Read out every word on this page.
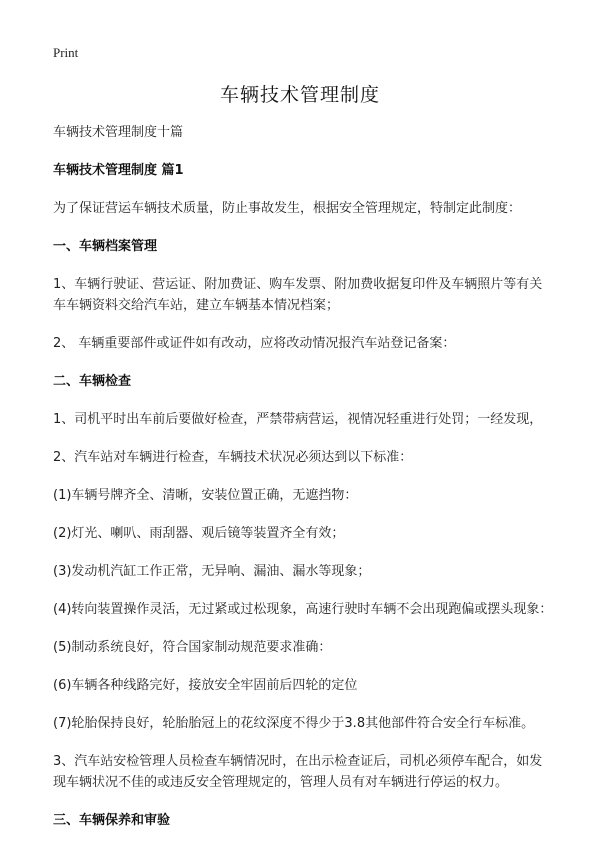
Print
车辆技术管理制度

车辆技术管理制度十篇

车辆技术管理制度 篇1

为了保证营运车辆技术质量，防止事故发生，根据安全管理规定，特制定此制度：

一、车辆档案管理

1、车辆行驶证、营运证、附加费证、购车发票、附加费收据复印件及车辆照片等有关车车辆资料交给汽车站，建立车辆基本情况档案；

2、 车辆重要部件或证件如有改动，应将改动情况报汽车站登记备案：

二、车辆检查

1、司机平时出车前后要做好检查，严禁带病营运，视情况轻重进行处罚；一经发现，

2、汽车站对车辆进行检查，车辆技术状况必须达到以下标准：

(1)车辆号牌齐全、清晰，安装位置正确，无遮挡物：

(2)灯光、喇叭、雨刮器、观后镜等装置齐全有效；

(3)发动机汽缸工作正常，无异响、漏油、漏水等现象；

(4)转向装置操作灵活，无过紧或过松现象，高速行驶时车辆不会出现跑偏或摆头现象：

(5)制动系统良好，符合国家制动规范要求准确：

(6)车辆各种线路完好，接放安全牢固前后四轮的定位

(7)轮胎保持良好，轮胎胎冠上的花纹深度不得少于3.8其他部件符合安全行车标准。

3、汽车站安检管理人员检查车辆情况时，在出示检查证后，司机必须停车配合，如发现车辆状况不佳的或违反安全管理规定的，管理人员有对车辆进行停运的权力。

三、车辆保养和审验
